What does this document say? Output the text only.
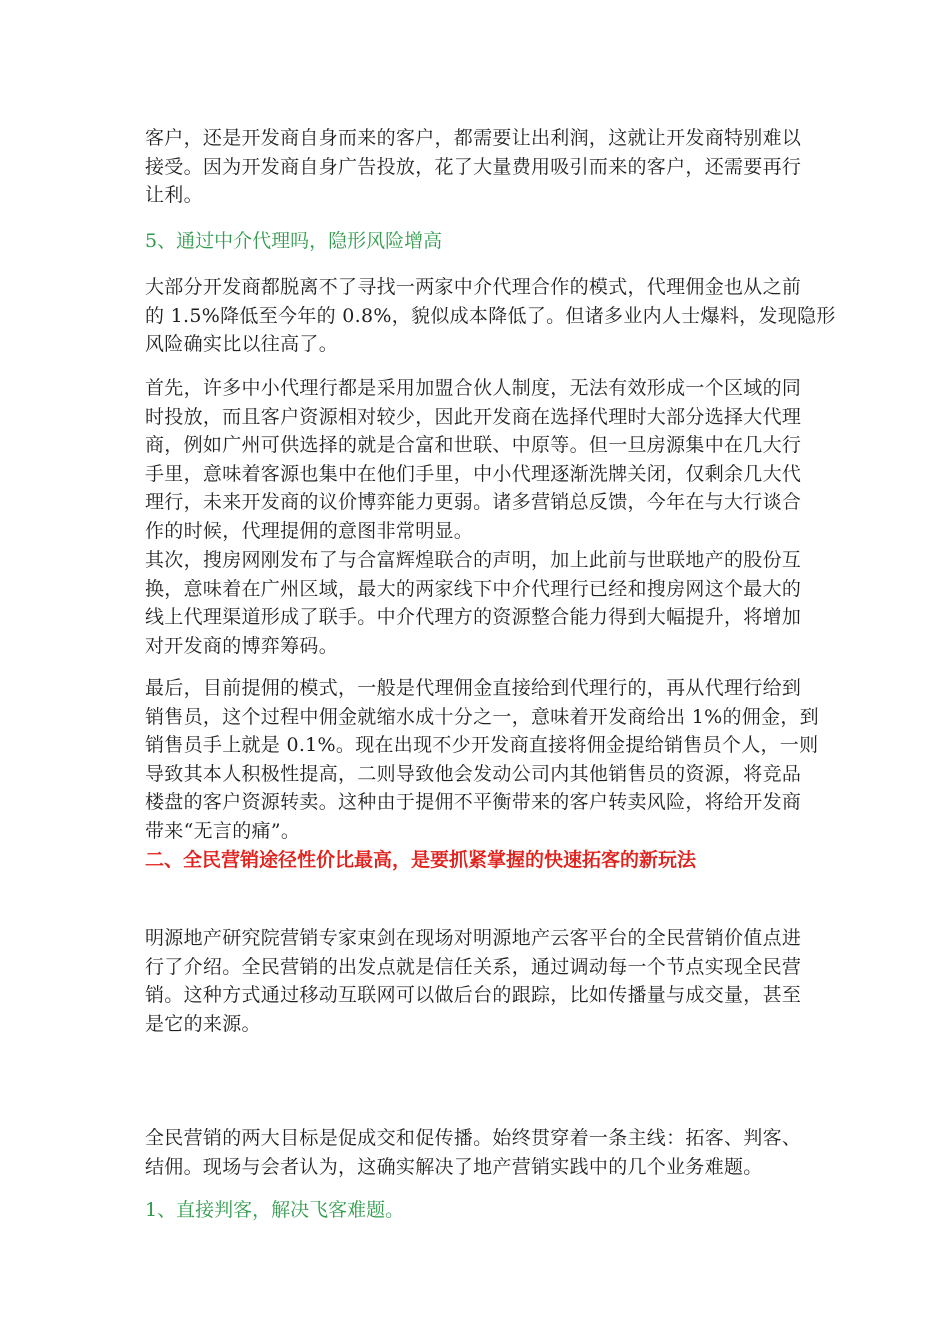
客户，还是开发商自身而来的客户，都需要让出利润，这就让开发商特别难以
接受。因为开发商自身广告投放，花了大量费用吸引而来的客户，还需要再行
让利。
5、通过中介代理吗，隐形风险增高
大部分开发商都脱离不了寻找一两家中介代理合作的模式，代理佣金也从之前
的 1.5%降低至今年的 0.8%，貌似成本降低了。但诸多业内人士爆料，发现隐形
风险确实比以往高了。
首先，许多中小代理行都是采用加盟合伙人制度，无法有效形成一个区域的同
时投放，而且客户资源相对较少，因此开发商在选择代理时大部分选择大代理
商，例如广州可供选择的就是合富和世联、中原等。但一旦房源集中在几大行
手里，意味着客源也集中在他们手里，中小代理逐渐洗牌关闭，仅剩余几大代
理行，未来开发商的议价博弈能力更弱。诸多营销总反馈，今年在与大行谈合
作的时候，代理提佣的意图非常明显。
其次，搜房网刚发布了与合富辉煌联合的声明，加上此前与世联地产的股份互
换，意味着在广州区域，最大的两家线下中介代理行已经和搜房网这个最大的
线上代理渠道形成了联手。中介代理方的资源整合能力得到大幅提升，将增加
对开发商的博弈筹码。
最后，目前提佣的模式，一般是代理佣金直接给到代理行的，再从代理行给到
销售员，这个过程中佣金就缩水成十分之一，意味着开发商给出 1%的佣金，到
销售员手上就是 0.1%。现在出现不少开发商直接将佣金提给销售员个人，一则
导致其本人积极性提高，二则导致他会发动公司内其他销售员的资源，将竞品
楼盘的客户资源转卖。这种由于提佣不平衡带来的客户转卖风险，将给开发商
带来“无言的痛”。
二、全民营销途径性价比最高，是要抓紧掌握的快速拓客的新玩法
明源地产研究院营销专家束剑在现场对明源地产云客平台的全民营销价值点进
行了介绍。全民营销的出发点就是信任关系，通过调动每一个节点实现全民营
销。这种方式通过移动互联网可以做后台的跟踪，比如传播量与成交量，甚至
是它的来源。
全民营销的两大目标是促成交和促传播。始终贯穿着一条主线：拓客、判客、
结佣。现场与会者认为，这确实解决了地产营销实践中的几个业务难题。
1、直接判客，解决飞客难题。
